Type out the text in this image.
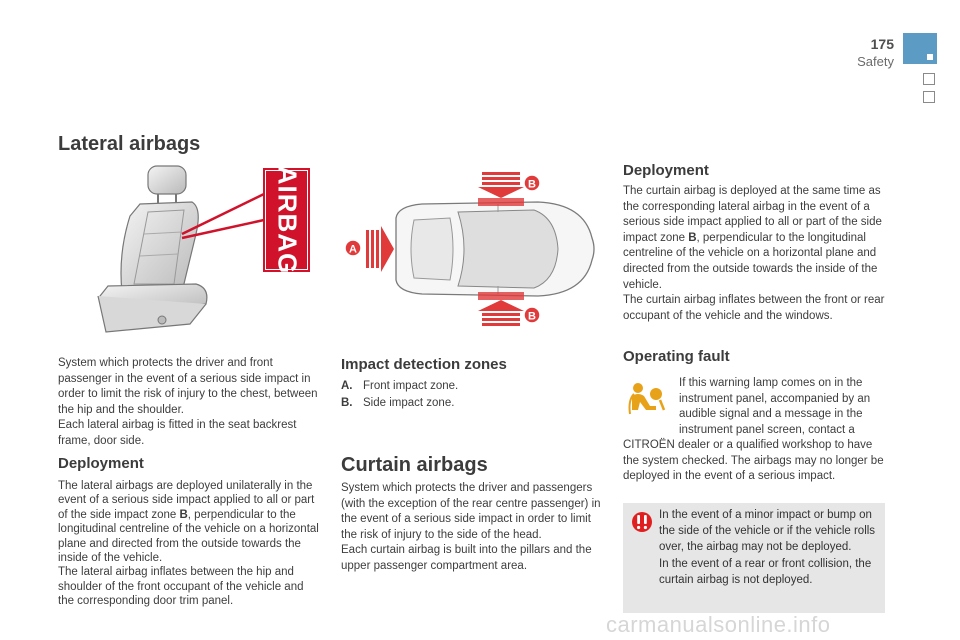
175
Safety
Lateral airbags
AIRBAG
System which protects the driver and front passenger in the event of a serious side impact in order to limit the risk of injury to the chest, between the hip and the shoulder.
Each lateral airbag is fitted in the seat backrest frame, door side.
Deployment
The lateral airbags are deployed unilaterally in the event of a serious side impact applied to all or part of the side impact zone B, perpendicular to the longitudinal centreline of the vehicle on a horizontal plane and directed from the outside towards the inside of the vehicle.
The lateral airbag inflates between the hip and shoulder of the front occupant of the vehicle and the corresponding door trim panel.
B
B
A
Impact detection zones
A. Front impact zone.
B. Side impact zone.
Curtain airbags
System which protects the driver and passengers (with the exception of the rear centre passenger) in the event of a serious side impact in order to limit the risk of injury to the side of the head.
Each curtain airbag is built into the pillars and the upper passenger compartment area.
Deployment
The curtain airbag is deployed at the same time as the corresponding lateral airbag in the event of a serious side impact applied to all or part of the side impact zone B, perpendicular to the longitudinal centreline of the vehicle on a horizontal plane and directed from the outside towards the inside of the vehicle.
The curtain airbag inflates between the front or rear occupant of the vehicle and the windows.
Operating fault
If this warning lamp comes on in the instrument panel, accompanied by an audible signal and a message in the instrument panel screen, contact a
CITROËN dealer or a qualified workshop to have the system checked. The airbags may no longer be deployed in the event of a serious impact.
In the event of a minor impact or bump on the side of the vehicle or if the vehicle rolls over, the airbag may not be deployed.
In the event of a rear or front collision, the curtain airbag is not deployed.
carmanualsonline.info
